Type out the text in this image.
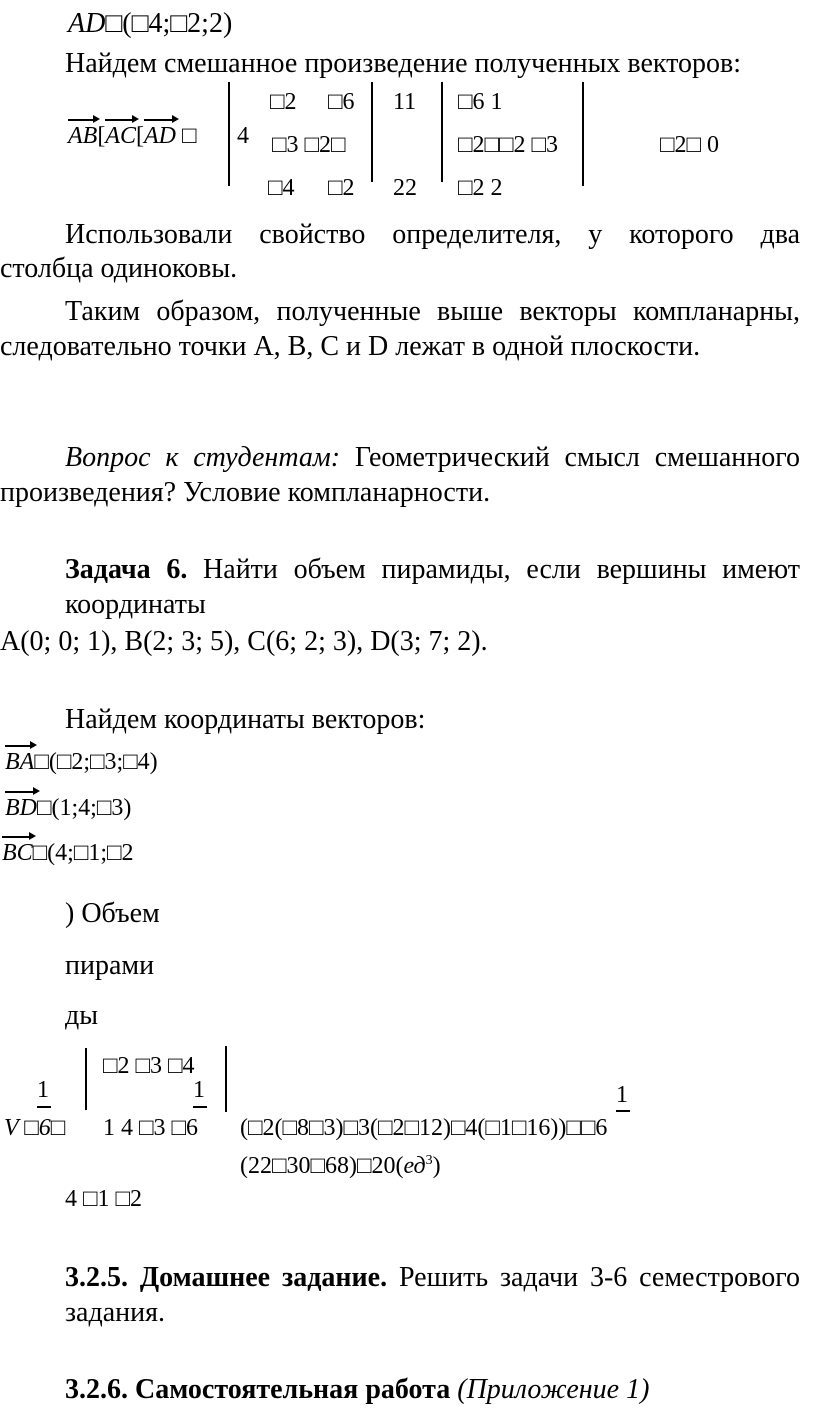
AD□(□4;□2;2)
Найдем смешанное произведение полученных векторов:
AB[AC[AD □ 4
□2 □6 11 □6 1
□3 □2□	□2□□2 □3	□2□ 0
□4 □2 22 □2 2
Использовали свойство определителя, у которого два
столбца одиноковы.
Таким образом, полученные выше векторы компланарны,
следовательно точки А, В, С и D лежат в одной плоскости.
Вопрос к студентам: Геометрический смысл смешанного
произведения? Условие компланарности.
Задача 6. Найти объем пирамиды, если вершины имеют
координаты
A(0; 0; 1), B(2; 3; 5), C(6; 2; 3), D(3; 7; 2).
Найдем координаты векторов:
BA□(□2;□3;□4)
BD□(1;4;□3)
BC□(4;□1;□2
) Объем
пирами
ды
□2 □3 □4
1
V □6□ 1 4 □3 □6
1
(□2(□8□3)□3(□2□12)□4(□1□16))□□6
1
$(22□30□68)□20(ед^3)$
4 □1 □2
3.2.5. Домашнее задание. Решить задачи 3-6 семестрового
задания.
3.2.6. Самостоятельная работа (Приложение 1)
